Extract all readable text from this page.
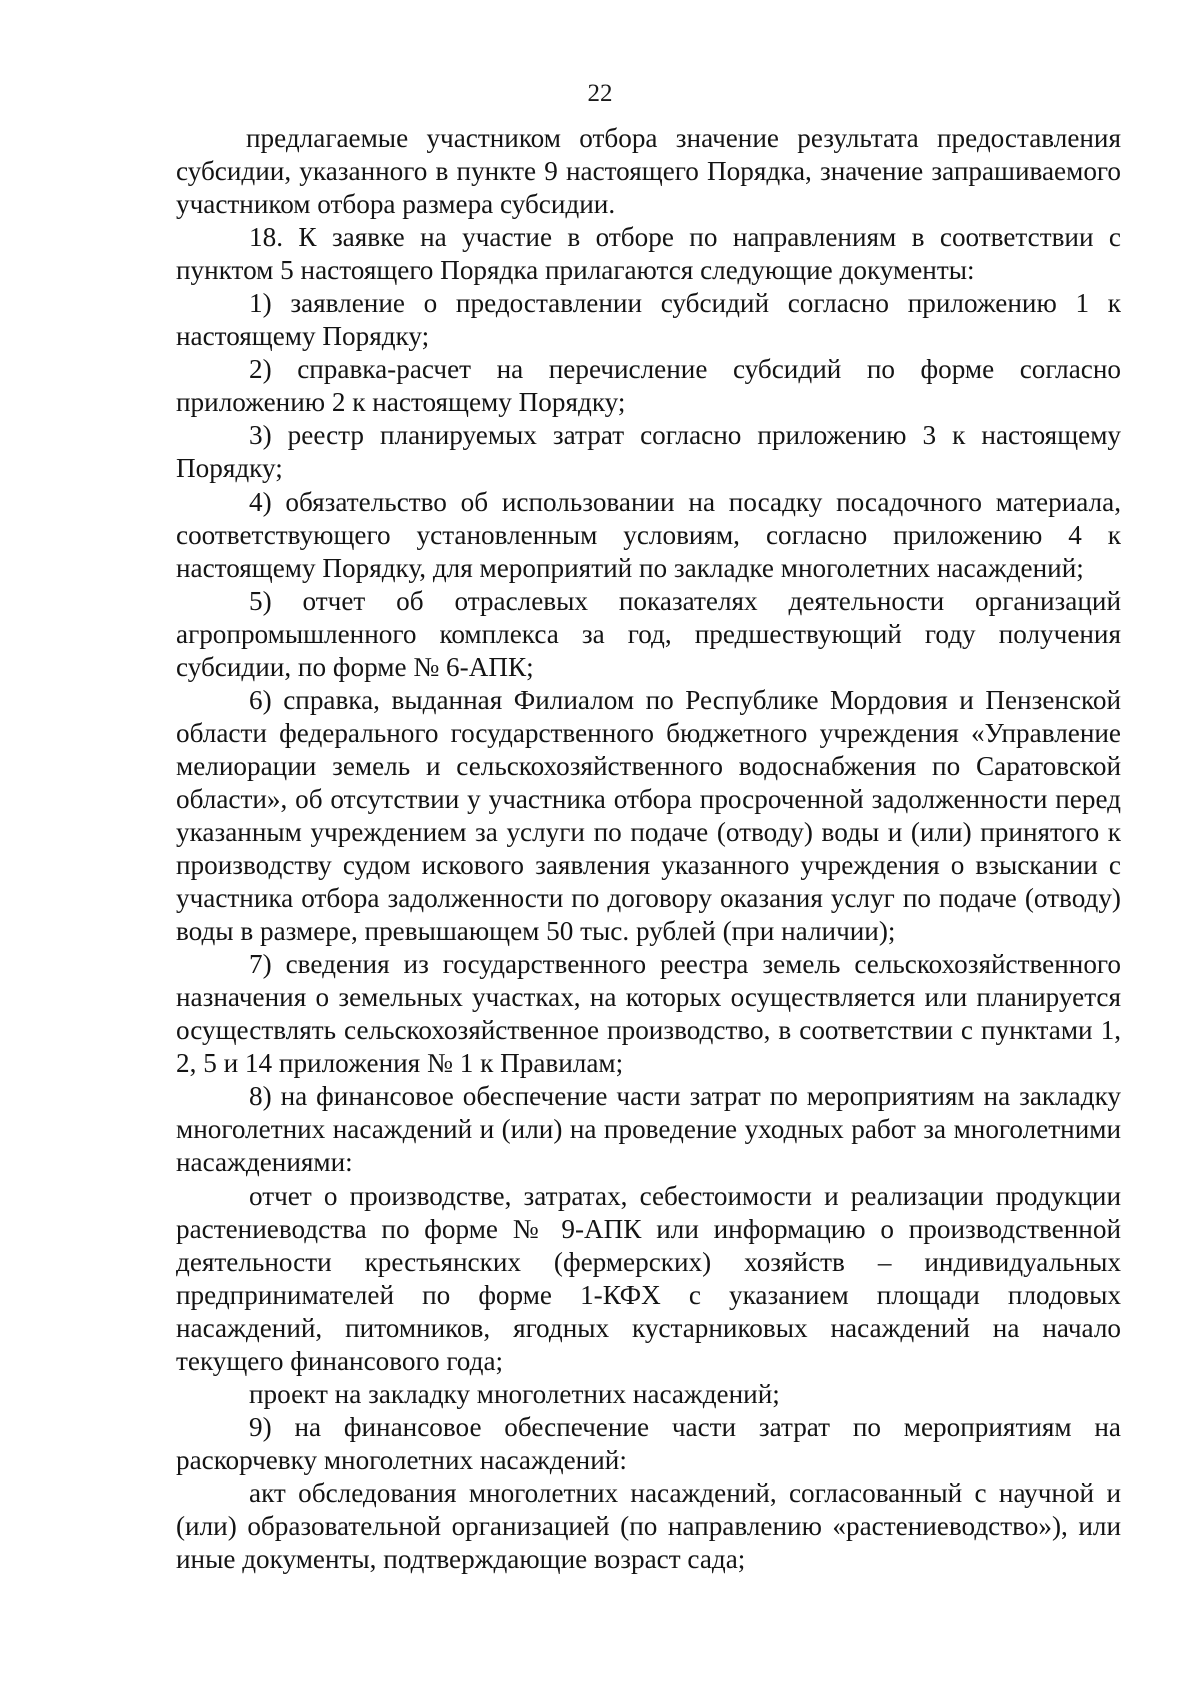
22

предлагаемые участником отбора значение результата предоставления субсидии, указанного в пункте 9 настоящего Порядка, значение запрашиваемого участником отбора размера субсидии.

18. К заявке на участие в отборе по направлениям в соответствии с пунктом 5 настоящего Порядка прилагаются следующие документы:

1) заявление о предоставлении субсидий согласно приложению 1 к настоящему Порядку;

2) справка-расчет на перечисление субсидий по форме согласно приложению 2 к настоящему Порядку;

3) реестр планируемых затрат согласно приложению 3 к настоящему Порядку;

4) обязательство об использовании на посадку посадочного материала, соответствующего установленным условиям, согласно приложению 4 к настоящему Порядку, для мероприятий по закладке многолетних насаждений;

5) отчет об отраслевых показателях деятельности организаций агропромышленного комплекса за год, предшествующий году получения субсидии, по форме № 6-АПК;

6) справка, выданная Филиалом по Республике Мордовия и Пензенской области федерального государственного бюджетного учреждения «Управление мелиорации земель и сельскохозяйственного водоснабжения по Саратовской области», об отсутствии у участника отбора просроченной задолженности перед указанным учреждением за услуги по подаче (отводу) воды и (или) принятого к производству судом искового заявления указанного учреждения о взыскании с участника отбора задолженности по договору оказания услуг по подаче (отводу) воды в размере, превышающем 50 тыс. рублей (при наличии);

7) сведения из государственного реестра земель сельскохозяйственного назначения о земельных участках, на которых осуществляется или планируется осуществлять сельскохозяйственное производство, в соответствии с пунктами 1, 2, 5 и 14 приложения № 1 к Правилам;

8) на финансовое обеспечение части затрат по мероприятиям на закладку многолетних насаждений и (или) на проведение уходных работ за многолетними насаждениями:

отчет о производстве, затратах, себестоимости и реализации продукции растениеводства по форме № 9-АПК или информацию о производственной деятельности крестьянских (фермерских) хозяйств – индивидуальных предпринимателей по форме 1-КФХ с указанием площади плодовых насаждений, питомников, ягодных кустарниковых насаждений на начало текущего финансового года;

проект на закладку многолетних насаждений;

9) на финансовое обеспечение части затрат по мероприятиям на раскорчевку многолетних насаждений:

акт обследования многолетних насаждений, согласованный с научной и (или) образовательной организацией (по направлению «растениеводство»), или иные документы, подтверждающие возраст сада;
